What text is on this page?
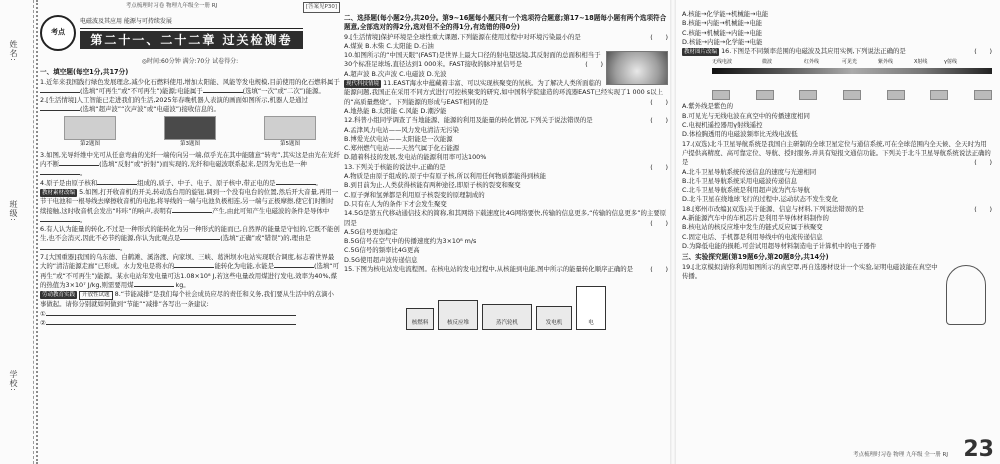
姓名:
班级:
学校:
考点梳理时习卷 物理九年级全一册 RJ	[答案见P30]
考点
电磁波及其应用 能源与可持续发展
第二十一、二十二章 过关检测卷
◎时间:60分钟 满分:70分 试卷得分:
一、填空题(每空1分,共17分)

1.近年来我国践行绿色发展理念,减少化石燃料使用,增加太阳能、风能等发电规模,目前使用的化石燃料属于(选填“可再生”或“不可再生”)能源;电能属于	(选填“一次”或“二次”)能源。

2.[生活情境]人工智能已走进我们的生活,2025年春晚机器人表演的画面如图所示,机器人是通过(选填“超声波”“次声波”或“电磁波”)接收信息的。

第2题图	第3题图	第5题图

3.如图,光导纤维中光可从任意弯曲的光纤一端传向另一端,似乎光在其中能随意“转弯”,其实这是由光在光纤内不断	(选填“反射”或“折射”)而实现的,光纤和电磁波联系起来,是因为光也是一种。

4.原子是由原子核和	组成的,质子、中子、电子、原子核中,带正电的是	。

教材素材改编 5.如图,打开收音机的开关,转动选台用的旋钮,调到一个没有电台的位置,然后开大音量,再用一节干电池和一根导线去摩擦收音机的电池,将导线的一端与电池负极相连,另一端与正极摩擦,使它们时断时续接触,这时收音机会发出“咔咔”的响声,表明有	产生,由此可知产生电磁波的条件是导体中。

6.有人认为能量的转化,不过是一种形式的能转化为另一种形式的能而已,自然界的能量是守恒的,它既不能创生,也不会消灭,因此不必节约能源,你认为此观点是	(选填“正确”或“错误”)的,理由是。

7.[大国重器]我国的乌东德、白鹤滩、溪洛渡、向家坝、三峡、葛洲坝水电站实现联合调度,标志着世界最大的“清洁能源走廊”已形成。水力发电是将水的	能转化为电能,水能是	(选填“可再生”或“不可再生”)能源。某水电站年发电量可达1.08×10⁸ J,若这些电量改用煤进行发电,效率为40%,煤的热值为3×10⁷ J/kg,则需要用煤	kg。

劳动教育实践 开放性试题 8.“节能减排”是我们每个社会成员应尽的责任和义务,我们要从生活中的点滴小事做起。请你分别就如何做到“节能”“减排”各写出一条建议:

①

②

二、选择题(每小题2分,共20分。第9~16题每小题只有一个选项符合题意;第17~18题每小题有两个选项符合题意,全部选对的得2分,选对但不全的得1分,有选错的得0分)

9.[生活情境]保护环境是全球性重大课题,下列能源在使用过程中对环境污染最小的是	(　　)

A.煤炭 B.木柴 C.太阳能 D.石油

10.如图所示的“中国天眼”(FAST)是世界上最大口径的射电望远镜,其反射面的总面积相当于30个标准足球场,直径达到1 000米。FAST接收的脉冲星信号是	(　　)

A.超声波 B.次声波 C.电磁波 D.光波

现代科技情境 11.EAST海水中蕴藏着丰富、可以实现核聚变的氘核。为了解决人类所面临的能源问题,我国正在采用不同方式进行可控核聚变的研究,如中国科学院建造的环流器EAST已经实现了1 000 s以上的“高质量燃烧”。下列能源的形成与EAST相同的是	(　　)

A.地热能 B.太阳能 C.风能 D.潮汐能

12.科普小组同学调查了当地能源、能源的利用及能量的转化情况,下列关于说法错误的是	(　　)

A.孟津风力电站——风力发电清洁无污染

B.博爱光伏电站——太阳能是一次能源

C.郑州燃气电站——天然气属于化石能源

D.随着科技的发展,发电站的能源利用率可达100%

13.下列关于核能的说法中,正确的是	(　　)

A.物质是由原子组成的,原子中有原子核,所以利用任何物质都能得到核能

B.到目前为止,人类获得核能有两种途径,即原子核的裂变和聚变

C.原子弹和氢弹都是利用原子核裂变的原理制成的

D.只有在人为的条件下才会发生聚变

14.5G是第五代移动通信技术的简称,和其网络下载速度比4G网络要快,传输的信息更多,“传输的信息更多”的主要原因是	(　　)

A.5G信号更加稳定

B.5G信号在空气中的传播速度约为3×10⁸ m/s

C.5G信号的频率比4G更高

D.5G使用超声波传递信息

15.下图为核电站发电流程图。在核电站的发电过程中,从核能到电能,图中所示的能量转化顺序正确的是	(　　)

核燃料	核反应堆	蒸汽轮机	发电机	电

A.核能→化学能→机械能→电能

B.核能→内能→机械能→电能

C.核能→机械能→内能→电能

D.核能→内能→化学能→电能

教材图片改编 16.下图是不同频率范围的电磁波及其应用实例,下列说法正确的是	(　　)

无线电波	微波	红外线	可见光	紫外线	X射线	γ射线

A.紫外线是紫色的

B.可见光与无线电波在真空中的传播速度相同

C.电视机遥控器用γ射线遥控

D.体检胸透用的电磁波频率比无线电波低

17.(双选)北斗卫星导航系统是我国自主研制的全球卫星定位与通信系统,可在全球范围内全天候、全天时为用户提供高精度、高可靠定位、导航、授时服务,并具有短报文通信功能。下列关于北斗卫星导航系统说法正确的是	(　　)

A.北斗卫星导航系统传送信息的速度与光速相同

B.北斗卫星导航系统采用电磁波传递信息

C.北斗卫星导航系统是利用超声波为汽车导航

D.北斗卫星在绕地球飞行的过程中,运动状态不发生变化

18.[郑州市改编](双选)关于能源、信息与材料,下列说法错误的是	(　　)

A.新能源汽车中的车机芯片是利用半导体材料制作的

B.核电站的核反应堆中发生的链式反应属于核聚变

C.固定电话、手机都是利用导线中的电流传递信息

D.为降低电能的损耗,可尝试用超导材料制造电子计算机中的电子器件

三、实验探究题(第19题6分,第20题8分,共14分)

19.[北京模拟]请你利用如图所示的真空罩,再自选器材设计一个实验,证明电磁波能在真空中传播。

考点梳理时习卷 物理 九年级 全一册 RJ 23
